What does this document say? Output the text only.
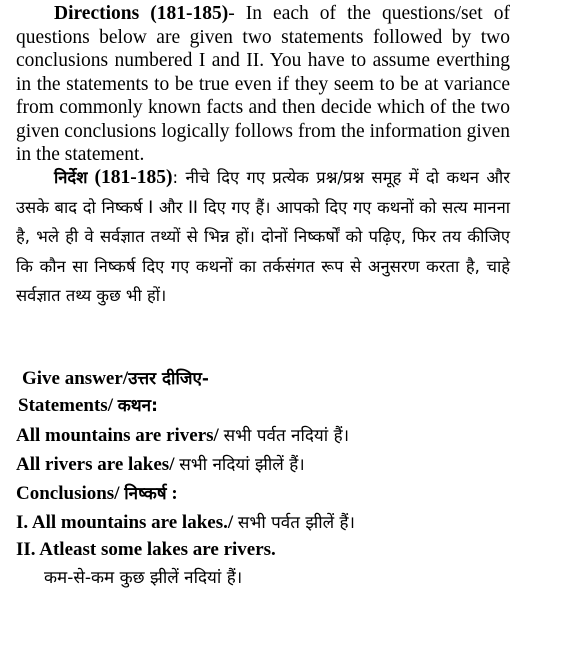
Directions (181-185)- In each of the questions/set of questions below are given two statements followed by two conclusions numbered I and II. You have to assume everthing in the statements to be true even if they seem to be at variance from commonly known facts and then decide which of the two given conclusions logically follows from the information given in the statement.
निर्देश (181-185): नीचे दिए गए प्रत्येक प्रश्न/प्रश्न समूह में दो कथन और उसके बाद दो निष्कर्ष I और II दिए गए हैं। आपको दिए गए कथनों को सत्य मानना है, भले ही वे सर्वज्ञात तथ्यों से भिन्न हों। दोनों निष्कर्षों को पढ़िए, फिर तय कीजिए कि कौन सा निष्कर्ष दिए गए कथनों का तर्कसंगत रूप से अनुसरण करता है, चाहे सर्वज्ञात तथ्य कुछ भी हों।
Give answer/उत्तर दीजिए-
Statements/ कथन:
All mountains are rivers/ सभी पर्वत नदियां हैं।
All rivers are lakes/ सभी नदियां झीलें हैं।
Conclusions/ निष्कर्ष :
I. All mountains are lakes./ सभी पर्वत झीलें हैं।
II. Atleast some lakes are rivers.
कम-से-कम कुछ झीलें नदियां हैं।
